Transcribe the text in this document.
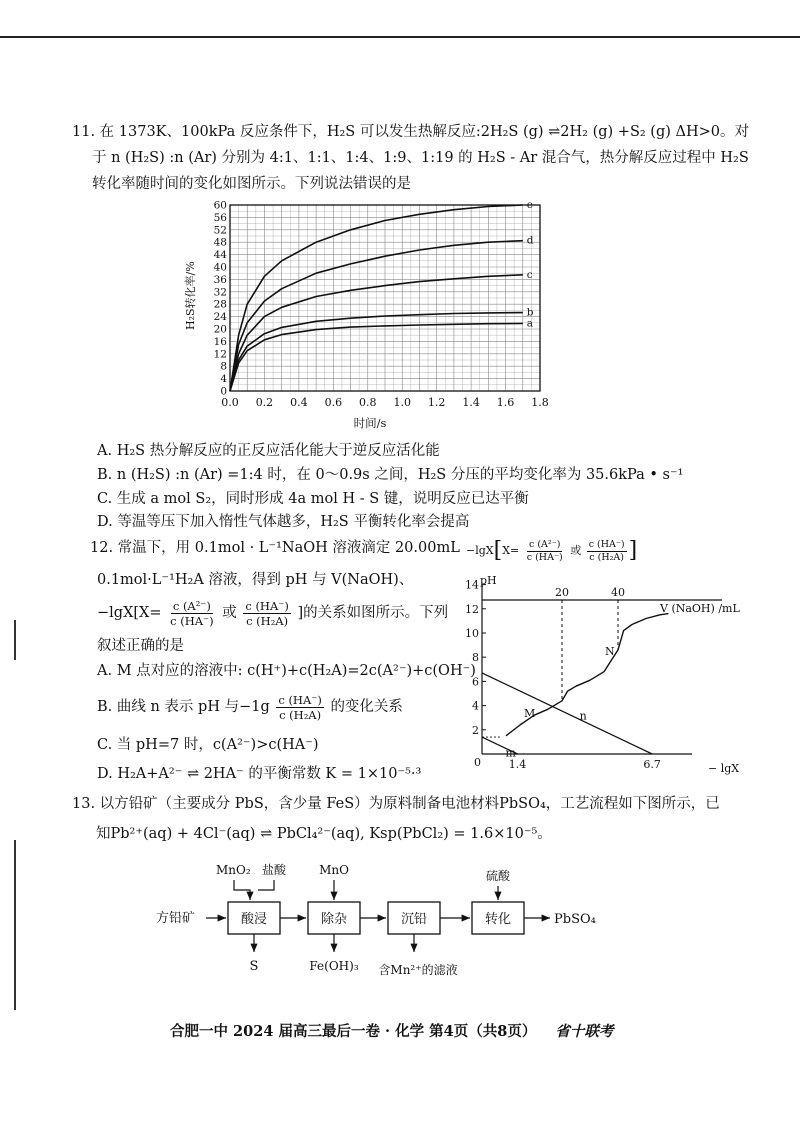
11. 在 1373K、100kPa 反应条件下，H₂S 可以发生热解反应:2H₂S (g) ⇌2H₂ (g) +S₂ (g) ΔH>0。对
于 n (H₂S) :n (Ar) 分别为 4:1、1:1、1:4、1:9、1:19 的 H₂S - Ar 混合气，热分解反应过程中 H₂S
转化率随时间的变化如图所示。下列说法错误的是
0
4
8
12
16
20
24
28
32
36
40
44
48
52
56
60
0.0 0.2 0.4 0.6 0.8 1.0 1.2 1.4 1.6 1.8
e
d
c
b
a
H₂S转化率/%
时间/s
A. H₂S 热分解反应的正反应活化能大于逆反应活化能
B. n (H₂S) :n (Ar) =1:4 时，在 0～0.9s 之间，H₂S 分压的平均变化率为 35.6kPa • s⁻¹
C. 生成 a mol S₂，同时形成 4a mol H - S 键，说明反应已达平衡
D. 等温等压下加入惰性气体越多，H₂S 平衡转化率会提高
12. 常温下，用 0.1mol · L⁻¹NaOH 溶液滴定 20.00mL
0.1mol·L⁻¹H₂A 溶液，得到 pH 与 V(NaOH)、
$-\lg X[X= \frac{\text{c (A²⁻)}}{c (HA^-)}$ 或 $\frac{c (HA^-)}{\text{c (H₂A)}}$ ]的关系如图所示。下列
叙述正确的是
A. M 点对应的溶液中: c(H⁺)+c(H₂A)=2c(A²⁻)+c(OH⁻)
B. 曲线 n 表示 pH 与$-1g \frac{c (HA^-)}{\text{c (H₂A)}}$ 的变化关系
C. 当 pH=7 时，c(A²⁻)>c(HA⁻)
D. H₂A+A²⁻ ⇌ 2HA⁻ 的平衡常数 K = 1×10⁻⁵·³
$-\lg X[X= \frac{\text{c (A²⁻)}}{c (HA^-)}$ 或 $\frac{c (HA^-)}{\text{c (H₂A)}}$ ]
2
4
6
8
10
12
14
n
m
1.4	6.7
20	40
pH
V (NaOH) /mL
− lgX
0
M
N
13. 以方铅矿（主要成分 PbS，含少量 FeS）为原料制备电池材料PbSO₄，工艺流程如下图所示，已
知Pb²⁺(aq) + 4Cl⁻(aq) ⇌ PbCl₄²⁻(aq), Ksp(PbCl₂) = 1.6×10⁻⁵。
方铅矿	酸浸	除杂	沉铅	转化	PbSO₄
MnO₂ 盐酸	MnO	硫酸
S	Fe(OH)₃ 含Mn²⁺的滤液
合肥一中 2024 届高三最后一卷 · 化学 第4页（共8页） 省十联考
